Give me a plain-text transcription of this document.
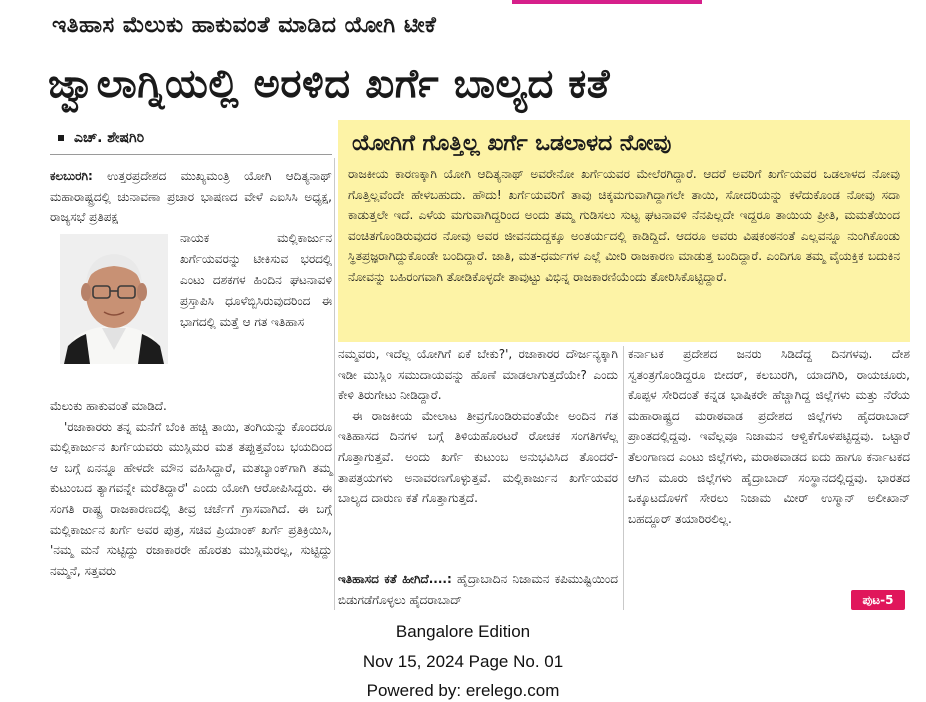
ಇತಿಹಾಸ ಮೆಲುಕು ಹಾಕುವಂತೆ ಮಾಡಿದ ಯೋಗಿ ಟೀಕೆ
ಜ್ವಾಲಾಗ್ನಿಯಲ್ಲಿ ಅರಳಿದ ಖರ್ಗೆ ಬಾಲ್ಯದ ಕತೆ
ಎಚ್. ಶೇಷಗಿರಿ
ಕಲಬುರಗಿ: ಉತ್ತರಪ್ರದೇಶದ ಮುಖ್ಯಮಂತ್ರಿ ಯೋಗಿ ಆದಿತ್ಯನಾಥ್ ಮಹಾರಾಷ್ಟ್ರದಲ್ಲಿ ಚುನಾವಣಾ ಪ್ರಚಾರ ಭಾಷಣದ ವೇಳೆ ಎಐಸಿಸಿ ಅಧ್ಯಕ್ಷ, ರಾಜ್ಯಸಭೆ ಪ್ರತಿಪಕ್ಷ
ನಾಯಕ ಮಲ್ಲಿಕಾರ್ಜುನ ಖರ್ಗೆಯವರನ್ನು ಟೀಕಿಸುವ ಭರದಲ್ಲಿ ಎಂಟು ದಶಕಗಳ ಹಿಂದಿನ ಘಟನಾವಳಿ ಪ್ರಸ್ತಾಪಿಸಿ ಧೂಳೆಬ್ಬಿಸಿರುವುದರಿಂದ ಈ ಭಾಗದಲ್ಲಿ ಮತ್ತೆ ಆ ಗತ ಇತಿಹಾಸ

ಮೆಲುಕು ಹಾಕುವಂತೆ ಮಾಡಿದೆ.

'ರಜಾಕಾರರು ತನ್ನ ಮನೆಗೆ ಬೆಂಕಿ ಹಚ್ಚಿ ತಾಯಿ, ತಂಗಿಯನ್ನು ಕೊಂದರೂ ಮಲ್ಲಿಕಾರ್ಜುನ ಖರ್ಗೆಯವರು ಮುಸ್ಲಿಮರ ಮತ ತಪ್ಪುತ್ತವೆಂಬ ಭಯದಿಂದ ಆ ಬಗ್ಗೆ ಏನನ್ನೂ ಹೇಳದೇ ಮೌನ ವಹಿಸಿದ್ದಾರೆ, ಮತಬ್ಯಾಂಕ್‌ಗಾಗಿ ತಮ್ಮ ಕುಟುಂಬದ ತ್ಯಾಗವನ್ನೇ ಮರೆತಿದ್ದಾರೆ' ಎಂದು ಯೋಗಿ ಆರೋಪಿಸಿದ್ದರು. ಈ ಸಂಗತಿ ರಾಷ್ಟ್ರ ರಾಜಕಾರಣದಲ್ಲಿ ತೀವ್ರ ಚರ್ಚೆಗೆ ಗ್ರಾಸವಾಗಿದೆ. ಈ ಬಗ್ಗೆ ಮಲ್ಲಿಕಾರ್ಜುನ ಖರ್ಗೆ ಅವರ ಪುತ್ರ, ಸಚಿವ ಪ್ರಿಯಾಂಕ್ ಖರ್ಗೆ ಪ್ರತಿಕ್ರಿಯಿಸಿ, 'ನಮ್ಮ ಮನೆ ಸುಟ್ಟಿದ್ದು ರಜಾಕಾರರೇ ಹೊರತು ಮುಸ್ಲಿಮರಲ್ಲ, ಸುಟ್ಟಿದ್ದು ನಮ್ಮನೆ, ಸತ್ತವರು

ಯೋಗಿಗೆ ಗೊತ್ತಿಲ್ಲ ಖರ್ಗೆ ಒಡಲಾಳದ ನೋವು
ರಾಜಕೀಯ ಕಾರಣಕ್ಕಾಗಿ ಯೋಗಿ ಆದಿತ್ಯನಾಥ್ ಅವರೇನೋ ಖರ್ಗೆಯವರ ಮೇಲೆರಗಿದ್ದಾರೆ. ಆದರೆ ಅವರಿಗೆ ಖರ್ಗೆಯವರ ಒಡಲಾಳದ ನೋವು ಗೊತ್ತಿಲ್ಲವೆಂದೇ ಹೇಳಬಹುದು. ಹೌದು! ಖರ್ಗೆಯವರಿಗೆ ತಾವು ಚಿಕ್ಕಮಗುವಾಗಿದ್ದಾಗಲೇ ತಾಯಿ, ಸೋದರಿಯನ್ನು ಕಳೆದುಕೊಂಡ ನೋವು ಸದಾ ಕಾಡುತ್ತಲೇ ಇದೆ. ಎಳೆಯ ಮಗುವಾಗಿದ್ದರಿಂದ ಅಂದು ತಮ್ಮ ಗುಡಿಸಲು ಸುಟ್ಟ ಘಟನಾವಳಿ ನೆನಪಿಲ್ಲದೇ ಇದ್ದರೂ ತಾಯಿಯ ಪ್ರೀತಿ, ಮಮತೆಯಿಂದ ವಂಚಿತಗೊಂಡಿರುವುದರ ನೋವು ಅವರ ಜೀವನದುದ್ದಕ್ಕೂ ಅಂತರ್ಯದಲ್ಲಿ ಕಾಡಿದ್ದಿದೆ. ಆದರೂ ಅವರು ವಿಷಕಂಠನಂತೆ ಎಲ್ಲವನ್ನೂ ನುಂಗಿಕೊಂಡು ಸ್ಥಿತಪ್ರಜ್ಞರಾಗಿದ್ದುಕೊಂಡೇ ಬಂದಿದ್ದಾರೆ. ಜಾತಿ, ಮತ-ಧರ್ಮಗಳ ಎಲ್ಲೆ ಮೀರಿ ರಾಜಕಾರಣ ಮಾಡುತ್ತ ಬಂದಿದ್ದಾರೆ. ಎಂದಿಗೂ ತಮ್ಮ ವೈಯಕ್ತಿಕ ಬದುಕಿನ ನೋವನ್ನು ಬಹಿರಂಗವಾಗಿ ತೋಡಿಕೊಳ್ಳದೇ ತಾವುಟ್ಟು ವಿಭಿನ್ನ ರಾಜಕಾರಣಿಯೆಂದು ತೋರಿಸಿಕೊಟ್ಟಿದ್ದಾರೆ.

ನಮ್ಮವರು, ಇದೆಲ್ಲ ಯೋಗಿಗೆ ಏಕೆ ಬೇಕು?', ರಜಾಕಾರರ ದೌರ್ಜನ್ಯಕ್ಕಾಗಿ ಇಡೀ ಮುಸ್ಲಿಂ ಸಮುದಾಯವನ್ನು ಹೊಣೆ ಮಾಡಲಾಗುತ್ತದೆಯೇ? ಎಂದು ಕೇಳಿ ತಿರುಗೇಟು ನೀಡಿದ್ದಾರೆ.

ಈ ರಾಜಕೀಯ ಮೇಲಾಟ ತೀವ್ರಗೊಂಡಿರುವಂತೆಯೇ ಅಂದಿನ ಗತ ಇತಿಹಾಸದ ದಿನಗಳ ಬಗ್ಗೆ ತಿಳಿಯಹೊರಟರೆ ರೋಚಕ ಸಂಗತಿಗಳೆಲ್ಲ ಗೊತ್ತಾಗುತ್ತವೆ. ಅಂದು ಖರ್ಗೆ ಕುಟುಂಬ ಅನುಭವಿಸಿದ ತೊಂದರೆ-ತಾಪತ್ರಯಗಳು ಅನಾವರಣಗೊಳ್ಳುತ್ತವೆ. ಮಲ್ಲಿಕಾರ್ಜುನ ಖರ್ಗೆಯವರ ಬಾಲ್ಯದ ದಾರುಣ ಕತೆ ಗೊತ್ತಾಗುತ್ತದೆ.

ಇತಿಹಾಸದ ಕತೆ ಹೀಗಿದೆ....: ಹೈದ್ರಾಬಾದಿನ ನಿಜಾಮನ ಕಪಿಮುಷ್ಟಿಯಿಂದ ಬಿಡುಗಡೆಗೊಳ್ಳಲು ಹೈದರಾಬಾದ್

ಕರ್ನಾಟಕ ಪ್ರದೇಶದ ಜನರು ಸಿಡಿದೆದ್ದ ದಿನಗಳವು. ದೇಶ ಸ್ವತಂತ್ರಗೊಂಡಿದ್ದರೂ ಬೀದರ್, ಕಲಬುರಗಿ, ಯಾದಗಿರಿ, ರಾಯಚೂರು, ಕೊಪ್ಪಳ ಸೇರಿದಂತೆ ಕನ್ನಡ ಭಾಷಿಕರೇ ಹೆಚ್ಚಾಗಿದ್ದ ಜಿಲ್ಲೆಗಳು ಮತ್ತು ನೆರೆಯ ಮಹಾರಾಷ್ಟ್ರದ ಮರಾಠವಾಡ ಪ್ರದೇಶದ ಜಿಲ್ಲೆಗಳು ಹೈದರಾಬಾದ್ ಪ್ರಾಂತದಲ್ಲಿದ್ದವು. ಇವೆಲ್ಲವೂ ನಿಜಾಮನ ಆಳ್ವಿಕೆಗೊಳಪಟ್ಟಿದ್ದವು. ಒಟ್ಟಾರೆ ತೆಲಂಗಾಣದ ಎಂಟು ಜಿಲ್ಲೆಗಳು, ಮರಾಠವಾಡದ ಐದು ಹಾಗೂ ಕರ್ನಾಟಕದ ಆಗಿನ ಮೂರು ಜಿಲ್ಲೆಗಳು ಹೈದ್ರಾಬಾದ್ ಸಂಸ್ಥಾನದಲ್ಲಿದ್ದವು. ಭಾರತದ ಒಕ್ಕೂಟದೊಳಗೆ ಸೇರಲು ನಿಜಾಮ ಮೀರ್ ಉಸ್ಮಾನ್ ಅಲೀಖಾನ್ ಬಹದ್ದೂರ್ ತಯಾರಿರಲಿಲ್ಲ.

ಪುಟ-5
Bangalore Edition
Nov 15, 2024 Page No. 01
Powered by: erelego.com
